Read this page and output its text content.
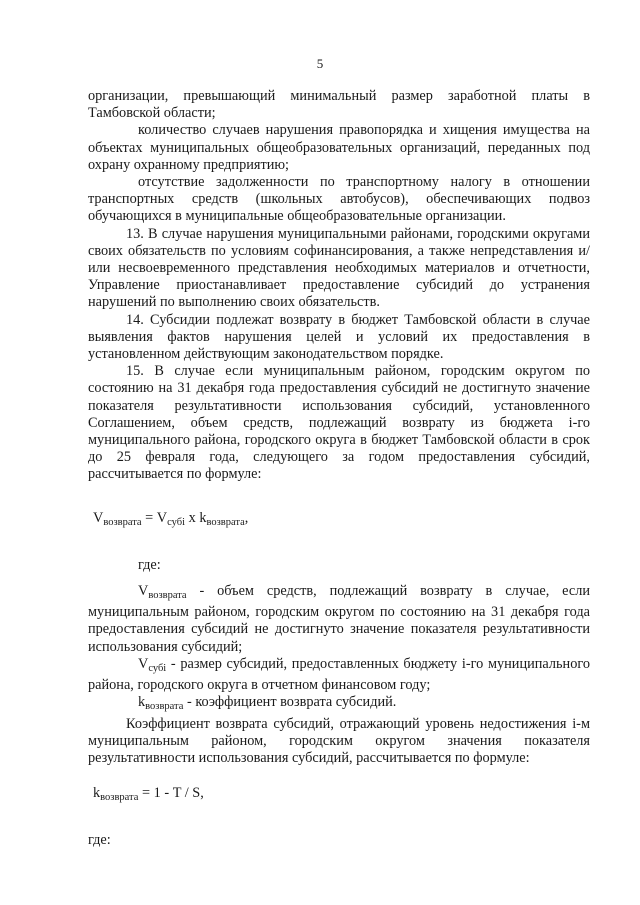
5

организации, превышающий минимальный размер заработной платы в Тамбовской области;

количество случаев нарушения правопорядка и хищения имущества на объектах муниципальных общеобразовательных организаций, переданных под охрану охранному предприятию;

отсутствие задолженности по транспортному налогу в отношении транспортных средств (школьных автобусов), обеспечивающих подвоз обучающихся в муниципальные общеобразовательные организации.

13. В случае нарушения муниципальными районами, городскими округами своих обязательств по условиям софинансирования, а также непредставления и/или несвоевременного представления необходимых материалов и отчетности, Управление приостанавливает предоставление субсидий до устранения нарушений по выполнению своих обязательств.

14. Субсидии подлежат возврату в бюджет Тамбовской области в случае выявления фактов нарушения целей и условий их предоставления в установленном действующим законодательством порядке.

15. В случае если муниципальным районом, городским округом по состоянию на 31 декабря года предоставления субсидий не достигнуто значение показателя результативности использования субсидий, установленного Соглашением, объем средств, подлежащий возврату из бюджета i-го муниципального района, городского округа в бюджет Тамбовской области в срок до 25 февраля года, следующего за годом предоставления субсидий, рассчитывается по формуле:

$V_{возврата} = V_{субi}$ x $k_{возврата}$,

где:

$V_{возврата}$ - объем средств, подлежащий возврату в случае, если муниципальным районом, городским округом по состоянию на 31 декабря года предоставления субсидий не достигнуто значение показателя результативности использования субсидий;

$V_{субi}$ - размер субсидий, предоставленных бюджету i-го муниципального района, городского округа в отчетном финансовом году;

$k_{возврата}$ - коэффициент возврата субсидий.

Коэффициент возврата субсидий, отражающий уровень недостижения i-м муниципальным районом, городским округом значения показателя результативности использования субсидий, рассчитывается по формуле:

$k_{возврата} = 1 - T / S$,

где:
